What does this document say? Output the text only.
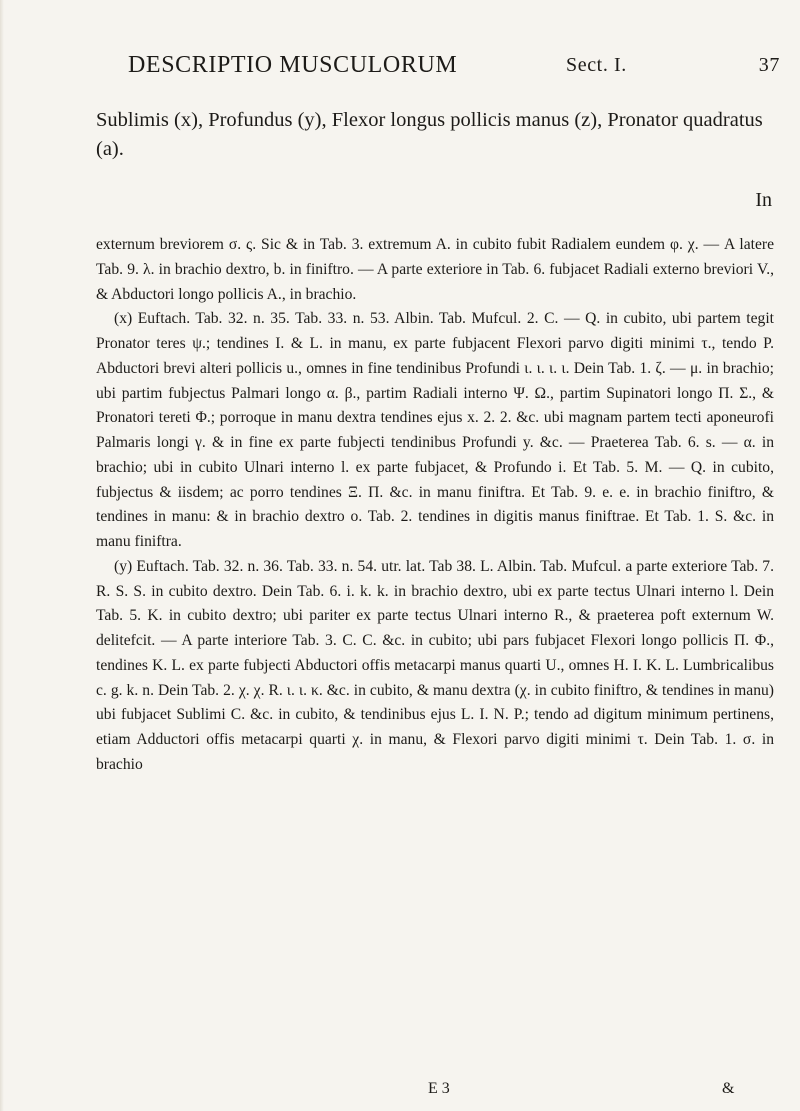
DESCRIPTIO MUSCULORUM	Sect. I.	37
Sublimis (x), Profundus (y), Flexor longus pollicis manus (z), Pronator quadratus (a).
In

externum breviorem σ. ς. Sic & in Tab. 3. extremum A. in cubito fubit Radialem eundem φ. χ. — A latere Tab. 9. λ. in brachio dextro, b. in finiftro. — A parte exteriore in Tab. 6. fubjacet Radiali externo breviori V., & Abductori longo pollicis A., in brachio.

(x) Euftach. Tab. 32. n. 35. Tab. 33. n. 53. Albin. Tab. Mufcul. 2. C. — Q. in cubito, ubi partem tegit Pronator teres ψ.; tendines I. & L. in manu, ex parte fubjacent Flexori parvo digiti minimi τ., tendo P. Abductori brevi alteri pollicis u., omnes in fine tendinibus Profundi ι. ι. ι. ι. Dein Tab. 1. ζ. — μ. in brachio; ubi partim fubjectus Palmari longo α. β., partim Radiali interno Ψ. Ω., partim Supinatori longo Π. Σ., & Pronatori tereti Φ.; porroque in manu dextra tendines ejus x. 2. 2. &c. ubi magnam partem tecti aponeurofi Palmaris longi γ. & in fine ex parte fubjecti tendinibus Profundi y. &c. — Praeterea Tab. 6. s. — α. in brachio; ubi in cubito Ulnari interno l. ex parte fubjacet, & Profundo i. Et Tab. 5. M. — Q. in cubito, fubjectus & iisdem; ac porro tendines Ξ. Π. &c. in manu finiftra. Et Tab. 9. e. e. in brachio finiftro, & tendines in manu: & in brachio dextro o. Tab. 2. tendines in digitis manus finiftrae. Et Tab. 1. S. &c. in manu finiftra.

(y) Euftach. Tab. 32. n. 36. Tab. 33. n. 54. utr. lat. Tab 38. L. Albin. Tab. Mufcul. a parte exteriore Tab. 7. R. S. S. in cubito dextro. Dein Tab. 6. i. k. k. in brachio dextro, ubi ex parte tectus Ulnari interno l. Dein Tab. 5. K. in cubito dextro; ubi pariter ex parte tectus Ulnari interno R., & praeterea poft externum W. delitefcit. — A parte interiore Tab. 3. C. C. &c. in cubito; ubi pars fubjacet Flexori longo pollicis Π. Φ., tendines K. L. ex parte fubjecti Abductori offis metacarpi manus quarti U., omnes H. I. K. L. Lumbricalibus c. g. k. n. Dein Tab. 2. χ. χ. R. ι. ι. κ. &c. in cubito, & manu dextra (χ. in cubito finiftro, & tendines in manu) ubi fubjacet Sublimi C. &c. in cubito, & tendinibus ejus L. I. N. P.; tendo ad digitum minimum pertinens, etiam Adductori offis metacarpi quarti χ. in manu, & Flexori parvo digiti minimi τ. Dein Tab. 1. σ. in brachio

E 3	&
